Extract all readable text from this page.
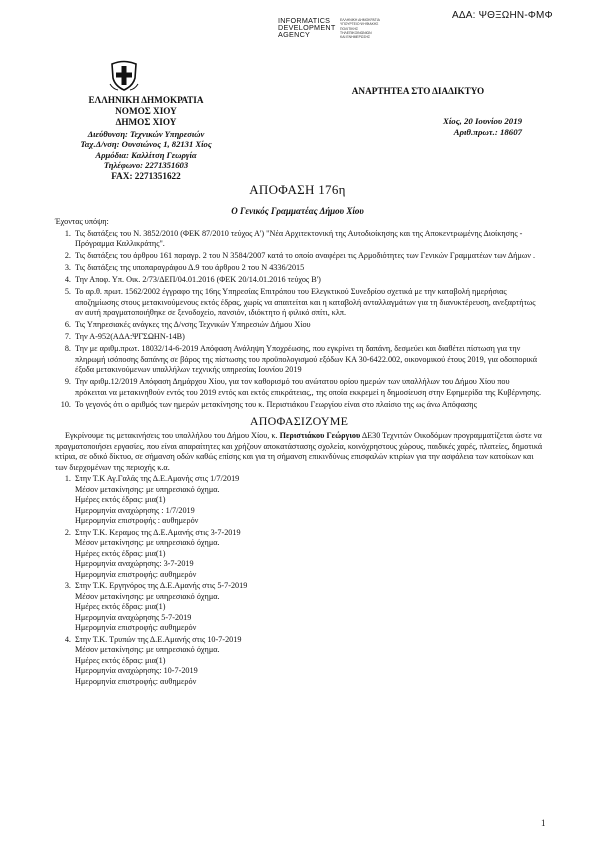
ΑΔΑ: ΨΘΞΩΗΝ-ΦΜΦ
INFORMATICS
DEVELOPMENT
AGENCY
ΕΛΛΗΝΙΚΗ ΔΗΜΟΚΡΑΤΙΑ
ΥΠΟΥΡΓΕΙΟ ΨΗΦΙΑΚΗΣ
ΠΟΛΙΤΙΚΗΣ
ΤΗΛΕΠΙΚΟΙΝΩΝΙΩΝ
ΚΑΙ ΕΝΗΜΕΡΩΣΗΣ
ΕΛΛΗΝΙΚΗ ΔΗΜΟΚΡΑΤΙΑ
ΝΟΜΟΣ ΧΙΟΥ
ΔΗΜΟΣ ΧΙΟΥ
Διεύθυνση: Τεχνικών Υπηρεσιών
Ταχ.Δ/νση: Ουνσιώνος 1, 82131 Χίος
Αρμόδια: Καλλίτση Γεωργία
Τηλέφωνο: 2271351603
FAX: 2271351622
ΑΝΑΡΤΗΤΕΑ ΣΤΟ ΔΙΑΔΙΚΤΥΟ
Χίος, 20 Ιουνίου 2019
Αριθ.πρωτ.: 18607
ΑΠΟΦΑΣΗ 176η
Ο Γενικός Γραμματέας Δήμου Χίου

Έχοντας υπόψη:

1. Τις διατάξεις του Ν. 3852/2010 (ΦΕΚ 87/2010 τεύχος Α') "Νέα Αρχιτεκτονική της Αυτοδιοίκησης και της Αποκεντρωμένης Διοίκησης - Πρόγραμμα Καλλικράτης".
2. Τις διατάξεις του άρθρου 161 παραγρ. 2 του Ν 3584/2007 κατά το οποίο αναφέρει τις Αρμοδιότητες των Γενικών Γραμματέων των Δήμων .
3. Τις διατάξεις της υποπαραγράφου Δ.9 του άρθρου 2 του Ν 4336/2015
4. Την Αποφ. Υπ. Οικ. 2/73/ΔΕΠ/04.01.2016 (ΦΕΚ 20/14.01.2016 τεύχος Β')
5. Το αρ.θ. πρωτ. 1562/2002 έγγραφο της 16ης Υπηρεσίας Επιτρόπου του Ελεγκτικού Συνεδρίου σχετικά με την καταβολή ημερήσιας αποζημίωσης στους μετακινούμενους εκτός έδρας, χωρίς να απαιτείται και η καταβολή ανταλλαγμάτων για τη διανυκτέρευση, ανεξαρτήτως αν αυτή πραγματοποιήθηκε σε ξενοδοχείο, πανσιόν, ιδιόκτητο ή φιλικό σπίτι, κλπ.
6. Τις Υπηρεσιακές ανάγκες της Δ/νσης Τεχνικών Υπηρεσιών Δήμου Χίου
7. Την Α-952(ΑΔΑ:ΨΓΣΩΗΝ-14Β)
8. Την με αριθμ.πρωτ. 18032/14-6-2019 Απόφαση Ανάληψη Υποχρέωσης, που εγκρίνει τη δαπάνη, δεσμεύει και διαθέτει πίστωση για την πληρωμή ισόποσης δαπάνης σε βάρος της πίστωσης του προϋπολογισμού εξόδων ΚΑ 30-6422.002, οικονομικού έτους 2019, για οδοιπορικά έξοδα μετακινούμενων υπαλλήλων τεχνικής υπηρεσίας Ιουνίου 2019
9. Την αριθμ.12/2019 Απόφαση Δημάρχου Χίου, για τον καθορισμό του ανώτατου ορίου ημερών των υπαλλήλων του Δήμου Χίου που πρόκειται να μετακινηθούν εντός του 2019 εντός και εκτός επικράτειας,, της οποία εκκρεμεί η δημοσίευση στην Εφημερίδα της Κυβέρνησης.
10. Το γεγονός ότι ο αριθμός των ημερών μετακίνησης του κ. Περιστιάκου Γεωργίου είναι στο πλαίσιο της ως άνω Απόφασης
ΑΠΟΦΑΣΙΖΟΥΜΕ

Εγκρίνουμε τις μετακινήσεις του υπαλλήλου του Δήμου Χίου, κ. Περιστιάκου Γεώργιου ΔΕ30 Τεχνιτών Οικοδόμων προγραμματίζεται ώστε να πραγματοποιήσει εργασίες, που είναι απαραίτητες και χρήζουν αποκατάστασης σχολεία, κοινόχρηστους χώρους, παιδικές χαρές, πλατείες, δημοτικά κτίρια, σε οδικό δίκτυο, σε σήμανση οδών καθώς επίσης και για τη σήμανση επικινδύνως επισφαλών κτιρίων για την ασφάλεια των κατοίκων και των διερχομένων της περιοχής κ.α.

1. Στην Τ.Κ Αγ.Γαλάς της Δ.Ε.Αμανής στις 1/7/2019
Μέσον μετακίνησης: με υπηρεσιακό όχημα.
Ημέρες εκτός έδρας: μια(1)
Ημερομηνία αναχώρησης : 1/7/2019
Ημερομηνία επιστροφής : αυθημερόν
2. Στην Τ.Κ. Κεραμος της Δ.Ε.Αμανής στις 3-7-2019
Μέσον μετακίνησης: με υπηρεσιακό όχημα.
Ημέρες εκτός έδρας: μια(1)
Ημερομηνία αναχώρησης: 3-7-2019
Ημερομηνία επιστροφής: αυθημερόν
3. Στην Τ.Κ. Εργηνόρος της Δ.Ε.Αμανής στις 5-7-2019
Μέσον μετακίνησης: με υπηρεσιακό όχημα.
Ημέρες εκτός έδρας: μια(1)
Ημερομηνία αναχώρησης 5-7-2019
Ημερομηνία επιστροφής: αυθημερόν
4. Στην Τ.Κ. Τρυπών της Δ.Ε.Αμανής στις 10-7-2019
Μέσον μετακίνησης: με υπηρεσιακό όχημα.
Ημέρες εκτός έδρας: μια(1)
Ημερομηνία αναχώρησης: 10-7-2019
Ημερομηνία επιστροφής: αυθημερόν
1
